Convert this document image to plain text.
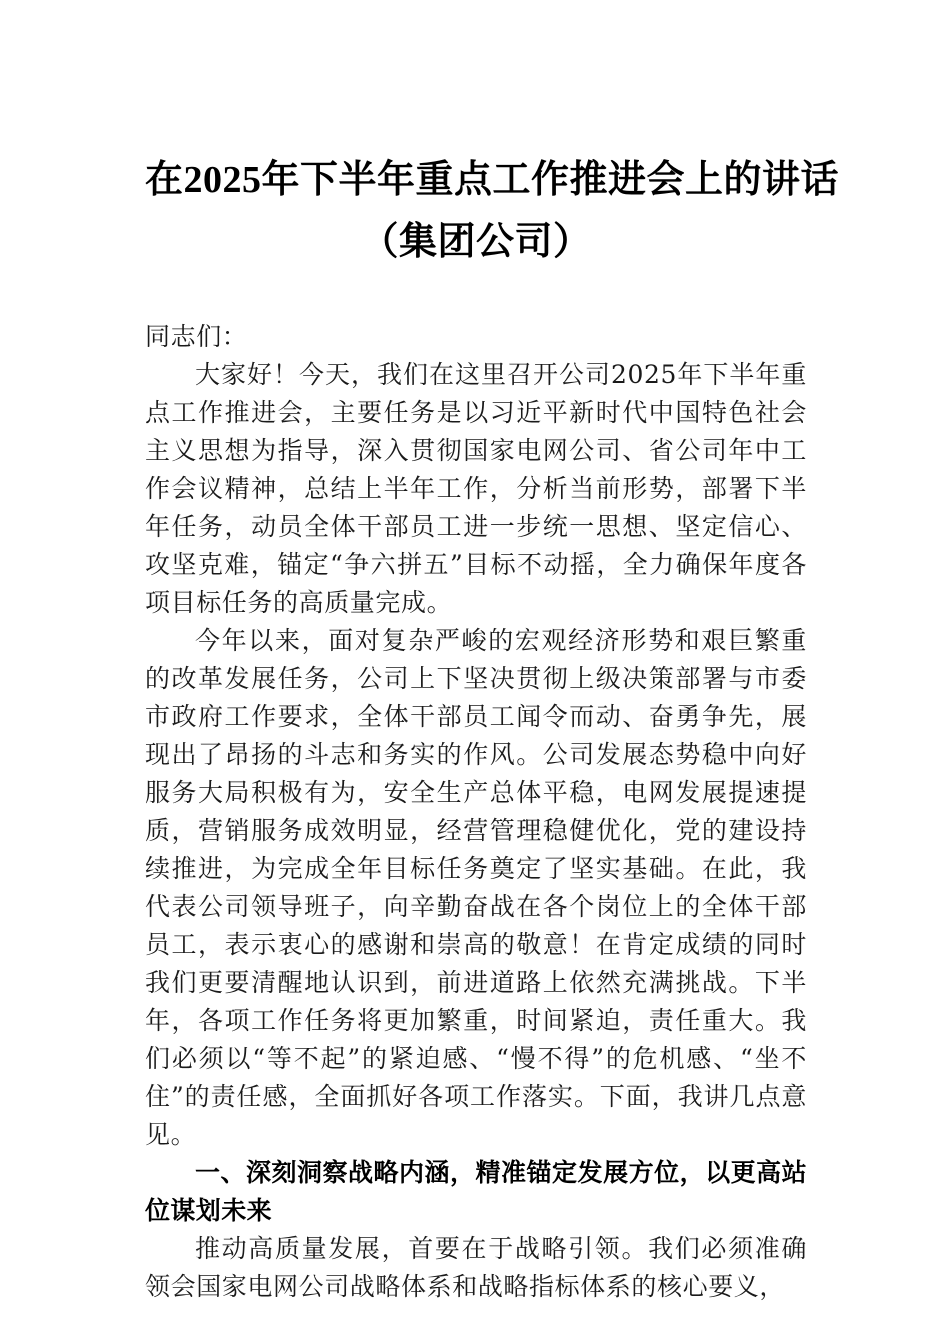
在2025年下半年重点工作推进会上的讲话
（集团公司）
同志们：

大家好！今天，我们在这里召开公司2025年下半年重点工作推进会，主要任务是以习近平新时代中国特色社会主义思想为指导，深入贯彻国家电网公司、省公司年中工作会议精神，总结上半年工作，分析当前形势，部署下半年任务，动员全体干部员工进一步统一思想、坚定信心、攻坚克难，锚定“争六拼五”目标不动摇，全力确保年度各项目标任务的高质量完成。

今年以来，面对复杂严峻的宏观经济形势和艰巨繁重的改革发展任务，公司上下坚决贯彻上级决策部署与市委市政府工作要求，全体干部员工闻令而动、奋勇争先，展现出了昂扬的斗志和务实的作风。公司发展态势稳中向好服务大局积极有为，安全生产总体平稳，电网发展提速提质，营销服务成效明显，经营管理稳健优化，党的建设持续推进，为完成全年目标任务奠定了坚实基础。在此，我代表公司领导班子，向辛勤奋战在各个岗位上的全体干部员工，表示衷心的感谢和崇高的敬意！在肯定成绩的同时我们更要清醒地认识到，前进道路上依然充满挑战。下半年，各项工作任务将更加繁重，时间紧迫，责任重大。我们必须以“等不起”的紧迫感、“慢不得”的危机感、“坐不住”的责任感，全面抓好各项工作落实。下面，我讲几点意见。

一、深刻洞察战略内涵，精准锚定发展方位，以更高站位谋划未来

推动高质量发展，首要在于战略引领。我们必须准确领会国家电网公司战略体系和战略指标体系的核心要义，
